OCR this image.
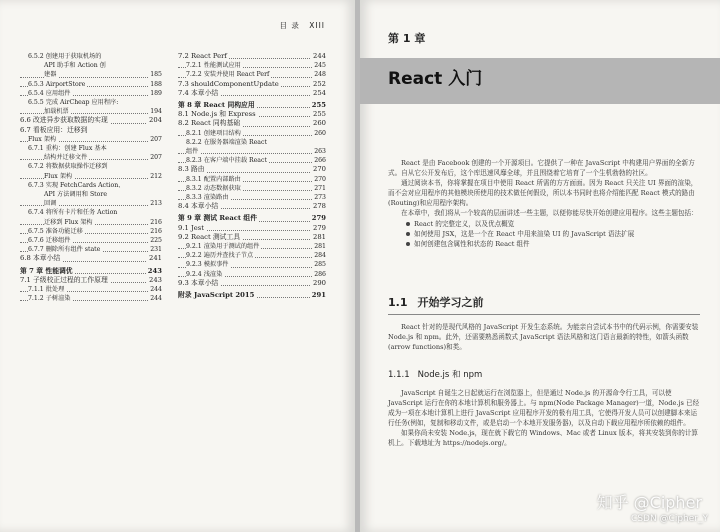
目 录 XIII
6.5.2 创建用于获取机场的
API 助手和 Action 创
建器	185
6.5.3 AirportStore	188
6.5.4 应用组件	189
6.5.5 完成 AirCheap 应用程序:
加载机票	194
6.6 改进异步获取数据的实现	204
6.7 看板应用：迁移到
Flux 架构	207
6.7.1 重构：创建 Flux 基本
结构并迁移文件	207
6.7.2 将数据获取操作迁移到
Flux 架构	212
6.7.3 实现 FetchCards Action、
API 方法调用和 Store
回调	213
6.7.4 将所有卡片和任务 Action
迁移到 Flux 架构	216
6.7.5 准备功能迁移	216
6.7.6 迁移组件	225
6.7.7 删除所有组件 state	231
6.8 本章小结	241
第 7 章 性能调优	243
7.1 子级校正过程的工作原理	243
7.1.1 批处理	244
7.1.2 子树渲染	244
7.2 React Perf	244
7.2.1 性能测试应用	245
7.2.2 安装并使用 React Perf	248
7.3 shouldComponentUpdate	252
7.4 本章小结	254
第 8 章 React 同构应用	255
8.1 Node.js 和 Express	255
8.2 React 同构基础	260
8.2.1 创建项目结构	260
8.2.2 在服务器端渲染 React
组件	263
8.2.3 在客户端中挂载 React	266
8.3 路由	270
8.3.1 配置内部路由	270
8.3.2 动态数据获取	271
8.3.3 渲染路由	273
8.4 本章小结	278
第 9 章 测试 React 组件	279
9.1 Jest	279
9.2 React 测试工具	281
9.2.1 渲染用于测试的组件	281
9.2.2 遍历并查找子节点	284
9.2.3 模拟事件	285
9.2.4 浅渲染	286
9.3 本章小结	290
附录 JavaScript 2015	291
第 1 章
React 入门

React 是由 Facebook 创建的一个开源项目。它提供了一种在 JavaScript 中构建用户界面的全新方式。自从它公开发布后，这个库迅速风靡全球，并且围绕着它培育了一个生机勃勃的社区。

通过阅读本书，你将掌握在项目中使用 React 所需的方方面面。因为 React 只关注 UI 界面的渲染，而不会对应用程序的其他模块所使用的技术做任何假设，所以本书同时也将介绍能匹配 React 模式的路由(Routing)和应用程序架构。

在本章中，我们将从一个较高的层面讲述一些主题，以便你能尽快开始创建应用程序。这些主题包括：

React 的完整定义，以及优点概览
如何使用 JSX，这是一个在 React 中用来渲染 UI 的 JavaScript 语法扩展
如何创建包含属性和状态的 React 组件
1.1 开始学习之前

React 针对的是现代风格的 JavaScript 开发生态系统。为能亲自尝试本书中的代码示例，你需要安装 Node.js 和 npm。此外，还需要熟悉函数式 JavaScript 语法风格和这门语言最新的特性，如箭头函数(arrow functions)和类。

1.1.1 Node.js 和 npm

JavaScript 自诞生之日起就运行在浏览器上，但是通过 Node.js 的开源命令行工具，可以使 JavaScript 运行在你的本地计算机和服务器上。与 npm(Node Package Manager)一道，Node.js 已经成为一项在本地计算机上进行 JavaScript 应用程序开发的极有用工具，它使得开发人员可以创建脚本来运行任务(例如，复制和移动文件，或是启动一个本地开发服务器)，以及自动下载应用程序所依赖的组件。

如果你尚未安装 Node.js，现在就下载它的 Windows、Mac 或者 Linux 版本，将其安装到你的计算机上。下载地址为 https://nodejs.org/。

知乎 @Cipher
CSDN @Cipher_Y
